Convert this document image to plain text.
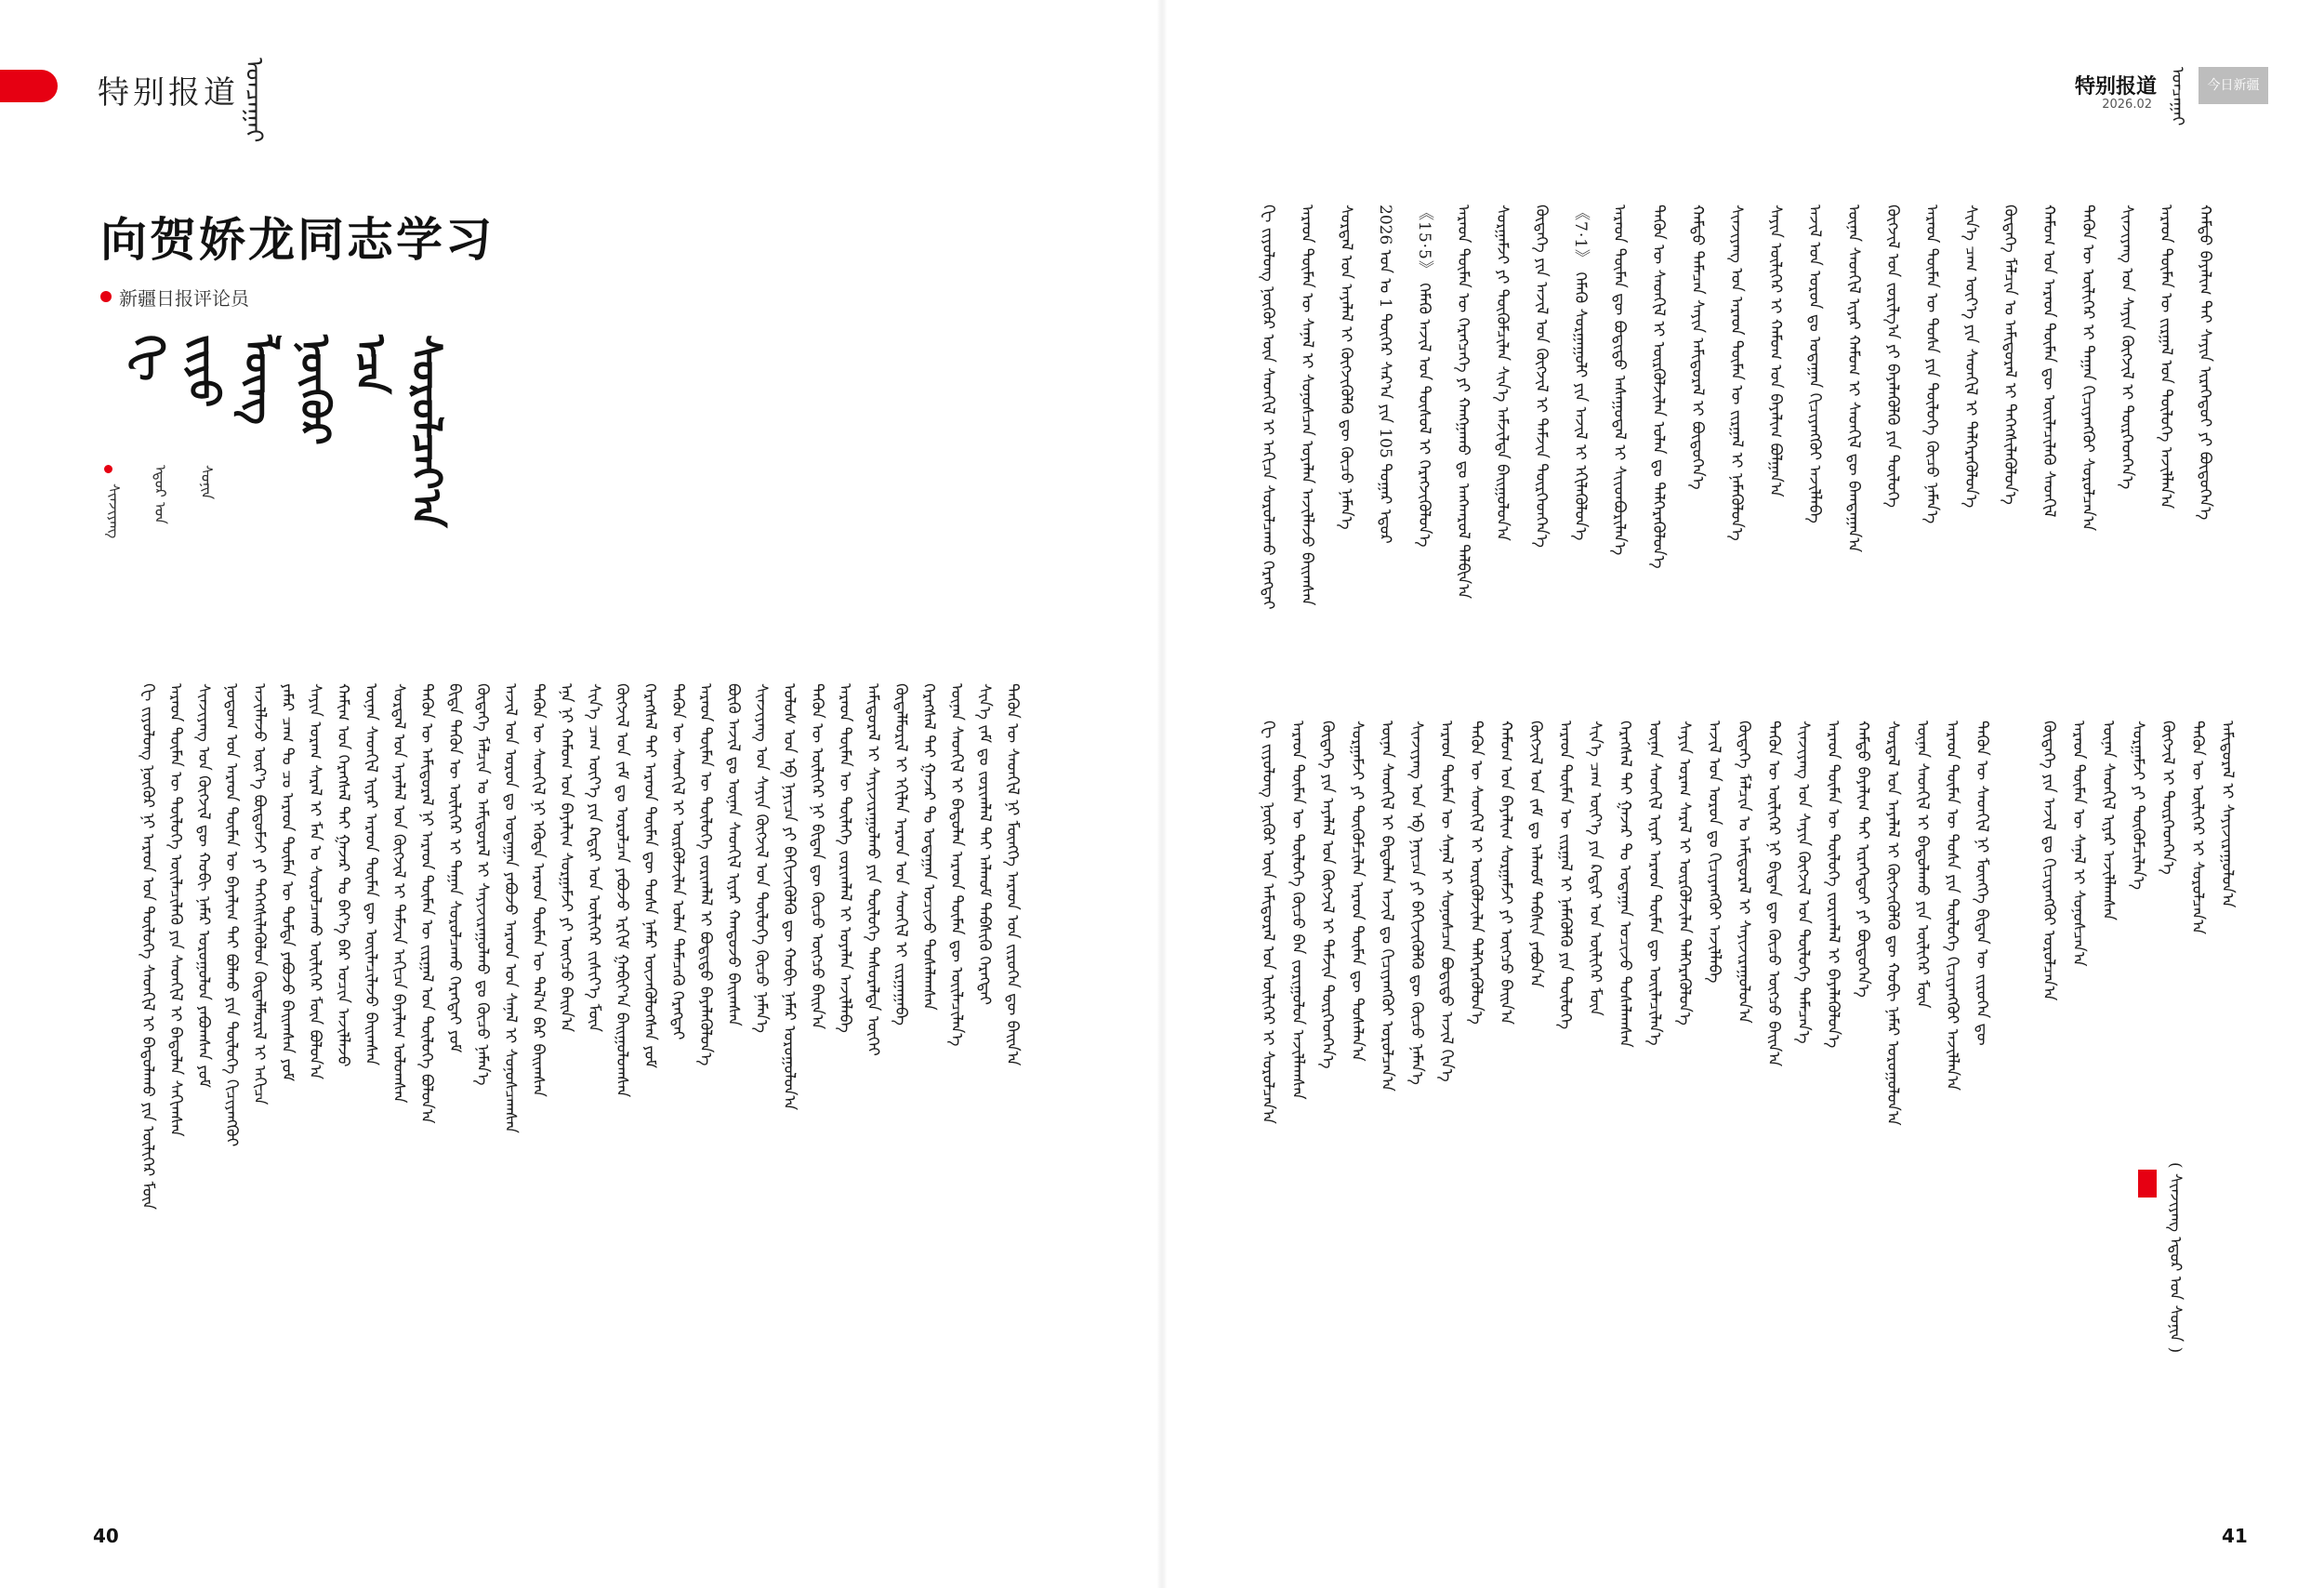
特别报道 ᠣᠨᠴᠠᠭᠠᠢ
向贺娇龙同志学习
新疆日报评论员
ᠬᠧ ᠵᠢᠶᠣ ᠯᠦᠩ ᠨᠦᠬᠦᠷ ᠡᠴᠡ ᠰᠤᠷᠤᠯᠴᠠᠶ᠎ᠠ
ᠰᠢᠨᠵᠢᠶᠠᠩ	ᠡᠳᠦᠷ ᠤᠨ	ᠰᠣᠨᠢᠨ
ᠬᠧ ᠵᠢᠶᠣᠯᠦᠩ ᠨᠦᠬᠦᠷ ᠨᠢ ᠠᠷᠠᠳ ᠤᠨ ᠲᠥᠯᠦᠭᠡ ᠰᠡᠳᠬᠢᠯ ᠢ ᠪᠠᠲᠤᠯᠠᠬᠤ ᠶᠢᠨ ᠦᠯᠢᠭᠡᠷ ᠮᠥᠨ ᠠᠷᠠᠳ ᠲᠦᠮᠡᠨ ᠦ ᠲᠥᠯᠦᠭᠡ ᠦᠢᠯᠡᠴᠢᠯᠡᠬᠦ ᠶᠢᠨ ᠰᠡᠳᠬᠢᠯ ᠢ ᠪᠠᠲᠤᠯᠠᠨ ᠰᠠᠬᠢᠭᠰᠠᠨ ᠰᠢᠨᠵᠢᠶᠠᠩ ᠤᠨ ᠬᠥᠭᠵᠢᠯ ᠳᠦ ᠬᠤᠪᠢ ᠨᠡᠮᠡᠷ ᠣᠷᠣᠭᠤᠯᠤᠨ ᠶᠠᠪᠤᠭᠰᠠᠨ ᠶᠤᠮ ᠨᠤᠲᠤᠭ ᠤᠨ ᠠᠷᠠᠳ ᠲᠦᠮᠡᠨ ᠦ ᠪᠠᠶᠠᠯᠢᠭ ᠲᠡᠶ ᠪᠣᠯᠬᠤ ᠶᠢᠨ ᠲᠥᠯᠦᠭᠡ ᠬᠢᠴᠢᠶᠡᠩᠭᠦᠢ ᠠᠵᠢᠯᠯᠠᠵᠤ ᠦᠷ᠎ᠡ ᠪᠦᠲᠦᠮᠵᠢ ᠶᠢ ᠳᠡᠭᠡᠭᠰᠢᠯᠡᠭᠦᠯᠦᠨ ᠬᠥᠳᠡᠯᠮᠦᠷᠢᠯ ᠢ ᠠᠬᠢᠴᠠ ᠶᠠᠮᠠᠷ ᠴᠠᠭ ᠲᠤ ᠴᠤ ᠠᠷᠠᠳ ᠲᠦᠮᠡᠨ ᠦ ᠳᠤᠮᠳᠠ ᠶᠠᠪᠤᠵᠤ ᠪᠠᠢᠭᠰᠠᠨ ᠶᠤᠮ ᠰᠠᠶᠢᠨ ᠤᠷᠠᠭ ᠰᠠᠷᠠᠯ ᠢ ᠮᠠᠨ ᠤ ᠰᠤᠷᠤᠯᠴᠠᠬᠤ ᠦᠯᠢᠭᠡᠷ ᠮᠥᠨ ᠪᠣᠯᠤᠨ᠎ᠠ ᠬᠠᠮᠢᠭ ᠤᠨ ᠬᠡᠷᠡᠭᠰᠡᠯ ᠲᠡᠢ ᠭᠠᠵᠠᠷ ᠲᠤ ᠪᠡᠶ᠎ᠡ ᠪᠡᠷ ᠣᠴᠢᠨ ᠠᠵᠢᠯᠯᠠᠵᠤ ᠦᠨᠡᠨ ᠰᠡᠳᠬᠢᠯ ᠢᠶᠡᠷ ᠠᠷᠠᠳ ᠲᠦᠮᠡᠨ ᠳᠦ ᠦᠢᠯᠡᠴᠢᠯᠡᠵᠦ ᠪᠠᠢᠭᠰᠠᠨ ᠰᠤᠷᠲᠠᠯ ᠤᠨ ᠠᠶᠠᠯᠠᠯ ᠤᠨ ᠬᠥᠭᠵᠢᠯ ᠢ ᠳᠡᠮᠵᠢᠨ ᠠᠬᠢᠴᠠ ᠪᠠᠶᠠᠯᠢᠭ ᠣᠯᠤᠭᠰᠠᠨ ᠲᠡᠭᠦᠨ ᠦ ᠠᠮᠢᠳᠤᠷᠠᠯ ᠨᠢ ᠠᠷᠠᠳ ᠲᠦᠮᠡᠨ ᠦ ᠵᠢᠷᠭᠠᠯ ᠤᠨ ᠲᠥᠯᠦᠭᠡ ᠪᠣᠯᠤᠨ᠎ᠠ ᠪᠢᠳᠡ ᠲᠡᠭᠦᠨ ᠦ ᠦᠯᠢᠭᠡᠷ ᠢ ᠳᠠᠭᠠᠨ ᠰᠤᠷᠤᠯᠴᠠᠬᠤ ᠬᠡᠷᠡᠭᠲᠡᠢ ᠶᠤᠮ ᠬᠥᠳᠡᠭᠡ ᠮᠠᠯᠴᠢᠨ ᠤ ᠠᠮᠢᠳᠤᠷᠠᠯ ᠢ ᠰᠠᠶᠢᠵᠢᠷᠠᠭᠤᠯᠬᠤ ᠳᠤ ᠬᠦᠴᠦ ᠨᠡᠮᠡᠨ᠎ᠡ ᠠᠵᠢᠯ ᠤᠨ ᠣᠷᠤᠨ ᠳᠤ ᠤᠳᠠᠭᠠᠨ ᠶᠠᠪᠤᠵᠤ ᠠᠷᠠᠳ ᠤᠨ ᠰᠠᠨᠠᠯ ᠢ ᠰᠣᠨᠤᠰᠴᠠᠭᠰᠠᠨ ᠲᠡᠭᠦᠨ ᠦ ᠰᠡᠳᠬᠢᠯ ᠨᠢ ᠡᠭᠦᠳᠡ ᠠᠷᠠᠳ ᠲᠦᠮᠡᠨ ᠦ ᠲᠠᠯ᠎ᠠ ᠪᠠᠷ ᠪᠠᠢᠭᠰᠠᠨ ᠡᠨᠡ ᠨᠢ ᠬᠠᠮᠤᠭ ᠤᠨ ᠪᠠᠶᠠᠯᠢᠭ ᠰᠤᠷᠭᠠᠮᠵᠢ ᠶᠢ ᠥᠭᠴᠦ ᠪᠠᠢᠨ᠎ᠠ ᠰᠢᠨ᠎ᠡ ᠴᠠᠭ ᠦᠶ᠎ᠡ ᠶᠢᠨ ᠺᠠᠳ᠋ᠢᠷ ᠤᠨ ᠦᠯᠢᠭᠡᠷ ᠵᠢᠱᠢᠶ᠎ᠡ ᠮᠥᠨ ᠬᠥᠭᠵᠢᠯ ᠤᠨ ᠵᠠᠮ ᠳᠤ ᠣᠷᠣᠯᠴᠠᠨ ᠶᠠᠪᠤᠵᠤ ᠡᠷᠬᠢᠮ ᠭᠠᠪᠢᠶ᠎ᠠ ᠪᠠᠢᠭᠤᠯᠤᠭᠰᠠᠨ ᠬᠡᠷᠡᠭᠰᠡᠯ ᠲᠡᠢ ᠠᠷᠠᠳ ᠲᠦᠮᠡᠨ ᠳᠦ ᠲᠤᠰᠠ ᠨᠡᠮᠡᠷ ᠦᠵᠡᠭᠦᠯᠦᠭᠰᠡᠨ ᠶᠤᠮ ᠲᠡᠭᠦᠨ ᠦ ᠰᠡᠳᠬᠢᠯ ᠢ ᠦᠷᠭᠦᠯᠵᠢᠯᠡᠨ ᠣᠯᠠᠨ ᠲᠡᠮᠡᠴᠡᠬᠦ ᠬᠡᠷᠡᠭᠲᠡᠢ ᠠᠷᠠᠳ ᠲᠦᠮᠡᠨ ᠦ ᠲᠥᠯᠦᠭᠡ ᠵᠣᠷᠢᠭᠯᠠᠯ ᠢ ᠪᠣᠳᠢᠲᠤ ᠪᠡᠶᠡᠯᠡᠭᠦᠯᠦᠨ᠎ᠡ ᠪᠦᠬᠦ ᠠᠵᠢᠯ ᠳᠤ ᠦᠨᠡᠨ ᠰᠡᠳᠬᠢᠯ ᠢᠶᠡᠷ ᠬᠠᠨᠳᠤᠵᠤ ᠪᠠᠢᠭᠰᠠᠨ ᠰᠢᠨᠵᠢᠶᠠᠩ ᠤᠨ ᠰᠠᠶᠢᠨ ᠬᠥᠭᠵᠢᠯ ᠤᠨ ᠲᠥᠯᠦᠭᠡ ᠬᠦᠴᠦ ᠨᠡᠮᠡᠨ᠎ᠡ ᠤᠯᠤᠰ ᠤᠨ ᠡᠪ ᠨᠡᠶᠢᠴᠡ ᠶᠢ ᠪᠡᠬᠢᠵᠢᠭᠦᠯᠬᠦ ᠳᠦ ᠬᠤᠪᠢ ᠨᠡᠮᠡᠷ ᠣᠷᠣᠭᠤᠯᠤᠨ᠎ᠠ ᠲᠡᠭᠦᠨ ᠦ ᠦᠯᠢᠭᠡᠷ ᠨᠢ ᠪᠢᠳᠡᠨ ᠳᠦ ᠬᠦᠴᠦ ᠥᠭᠴᠦ ᠪᠠᠢᠨ᠎ᠠ ᠠᠷᠠᠳ ᠲᠦᠮᠡᠨ ᠦ ᠲᠦᠯᠡᠭᠡ ᠵᠣᠷᠢᠭᠯᠠᠯ ᠢ ᠤᠶᠠᠯᠠᠨ ᠠᠵᠢᠯᠯᠠᠪᠠ ᠠᠮᠢᠳᠤᠷᠠᠯ ᠢ ᠰᠠᠶᠢᠵᠢᠷᠠᠭᠤᠯᠬᠤ ᠶᠢᠨ ᠲᠥᠯᠦᠭᠡ ᠲᠠᠰᠤᠷᠠᠯᠲᠠ ᠦᠭᠡᠢ ᠬᠥᠳᠡᠯᠮᠦᠷᠢᠯ ᠢ ᠡᠬᠢᠯᠡᠨ ᠠᠷᠠᠳ ᠤᠨ ᠰᠡᠳᠬᠢᠯ ᠢ ᠵᠢᠷᠭᠠᠭᠠᠪᠠ ᠬᠡᠷᠡᠭᠰᠡᠯ ᠲᠡᠢ ᠭᠠᠵᠠᠷ ᠲᠤ ᠤᠳᠠᠭᠠᠨ ᠣᠴᠢᠵᠤ ᠲᠤᠰᠠᠯᠠᠭᠰᠠᠨ ᠦᠨᠡᠨ ᠰᠡᠳᠬᠢᠯ ᠢ ᠪᠠᠲᠤᠯᠠᠨ ᠠᠷᠠᠳ ᠲᠦᠮᠡᠨ ᠳᠦ ᠦᠢᠯᠡᠴᠢᠯᠡᠨ᠎ᠡ ᠰᠢᠨ᠎ᠡ ᠵᠠᠮ ᠳᠤ ᠵᠣᠷᠢᠭᠯᠠᠯ ᠲᠠᠢ ᠠᠯᠬᠤᠮ ᠳᠡᠪᠰᠢᠬᠦ ᠬᠡᠷᠡᠭᠲᠡᠢ ᠲᠡᠭᠦᠨ ᠦ ᠰᠡᠳᠬᠢᠯ ᠨᠢ ᠮᠥᠩᠬᠡ ᠠᠷᠠᠳ ᠤᠨ ᠵᠢᠷᠦᠬᠡᠨ ᠳᠦ ᠪᠠᠢᠨ᠎ᠠ
40
特别报道
2026.02 ᠣᠨᠴᠠᠭᠠᠢ	今日新疆
ᠬᠧ ᠵᠢᠶᠣᠯᠦᠩ ᠨᠦᠬᠦᠷ ᠦᠨ ᠰᠡᠳᠬᠢᠯ ᠢ ᠠᠬᠢᠴᠠ ᠰᠤᠷᠤᠯᠴᠠᠬᠤ ᠬᠡᠷᠡᠭᠲᠡᠢ ᠠᠷᠠᠳ ᠲᠦᠮᠡᠨ ᠦ ᠰᠠᠨᠠᠯ ᠢ ᠰᠣᠨᠤᠰᠴᠠᠨ ᠤᠶᠠᠯᠠᠨ ᠠᠵᠢᠯᠯᠠᠵᠤ ᠪᠠᠢᠭᠰᠠᠨ ᠰᠤᠷᠲᠠᠯ ᠤᠨ ᠠᠶᠠᠯᠠᠯ ᠢ ᠬᠥᠭᠵᠢᠭᠦᠯᠬᠦ ᠳᠦ ᠬᠦᠴᠦ ᠨᠡᠮᠡᠨ᠎ᠡ 2026 ᠣᠨ ᠤ 1 ᠳᠦᠭᠡᠷ ᠰᠠᠷ᠎ᠠ ᠶᠢᠨ 105 ᠳᠤᠭᠠᠷ ᠡᠳᠦᠷ 《15·5》 ᠬᠡᠮᠡᠬᠦ ᠠᠵᠢᠯ ᠤᠨ ᠲᠥᠰᠥᠯ ᠢ ᠬᠡᠷᠡᠭᠵᠢᠭᠦᠯᠦᠨ᠎ᠡ ᠠᠷᠠᠳ ᠲᠦᠮᠡᠨ ᠦ ᠬᠡᠷᠡᠭᠴᠡᠭᠡ ᠶᠢ ᠬᠠᠩᠭᠠᠬᠤ ᠳᠤ ᠠᠩᠬᠠᠷᠤᠯ ᠲᠠᠯᠪᠢᠨ᠎ᠠ ᠰᠤᠷᠭᠠᠮᠵᠢ ᠶᠢ ᠳᠦᠭᠦᠮᠴᠢᠯᠡᠨ ᠰᠢᠨ᠎ᠡ ᠠᠮᠵᠢᠯᠲᠠ ᠪᠠᠢᠭᠤᠯᠤᠨ᠎ᠠ ᠬᠥᠳᠡᠭᠡ ᠶᠢᠨ ᠠᠵᠢᠯ ᠤᠨ ᠬᠥᠭᠵᠢᠯ ᠢ ᠳᠡᠮᠵᠢᠨ ᠲᠦᠷᠭᠡᠳᠬᠡᠨ᠎ᠡ 《7·1》 ᠬᠡᠮᠡᠬᠦ ᠰᠤᠷᠭᠠᠭᠤᠯᠢ ᠶᠢᠨ ᠠᠵᠢᠯ ᠢ ᠡᠬᠢᠯᠡᠭᠦᠯᠦᠨ᠎ᠡ ᠠᠷᠠᠳ ᠲᠦᠮᠡᠨ ᠳᠦ ᠪᠣᠳᠢᠲᠤ ᠠᠰᠠᠭᠤᠳᠠᠯ ᠢ ᠰᠢᠢᠳᠪᠦᠷᠢᠯᠡᠨ᠎ᠡ ᠲᠡᠭᠦᠨ ᠦ ᠰᠡᠳᠬᠢᠯ ᠢ ᠦᠷᠭᠦᠯᠵᠢᠯᠡᠨ ᠣᠯᠠᠨ ᠳᠤ ᠳᠡᠯᠭᠡᠷᠡᠭᠦᠯᠦᠨ᠎ᠡ ᠬᠠᠮᠲᠤ ᠲᠡᠮᠡᠴᠡᠨ ᠰᠠᠶᠢᠨ ᠠᠮᠢᠳᠤᠷᠠᠯ ᠢ ᠪᠦᠲᠦᠭᠡᠨ᠎ᠡ ᠰᠢᠨᠵᠢᠶᠠᠩ ᠤᠨ ᠠᠷᠠᠳ ᠲᠦᠮᠡᠨ ᠦ ᠵᠢᠷᠭᠠᠯ ᠢ ᠨᠡᠮᠡᠭᠦᠯᠦᠨ᠎ᠡ ᠰᠠᠶᠢᠨ ᠦᠯᠢᠭᠡᠷ ᠢ ᠬᠠᠮᠤᠭ ᠤᠨ ᠪᠠᠶᠠᠯᠢᠭ ᠪᠣᠯᠭᠠᠨ᠎ᠠ ᠠᠵᠢᠯ ᠤᠨ ᠣᠷᠤᠨ ᠳᠤ ᠤᠳᠠᠭᠠᠨ ᠬᠢᠴᠢᠶᠡᠩᠭᠦᠢ ᠠᠵᠢᠯᠯᠠᠪᠠ ᠦᠨᠡᠨ ᠰᠡᠳᠬᠢᠯ ᠢᠶᠡᠷ ᠬᠠᠮᠤᠭ ᠢ ᠰᠡᠳᠬᠢᠯ ᠳᠦ ᠪᠠᠭᠲᠠᠭᠠᠨ᠎ᠠ ᠬᠥᠭᠵᠢᠯ ᠤᠨ ᠵᠣᠷᠢᠯᠭ᠎ᠠ ᠶᠢ ᠪᠡᠶᠡᠯᠡᠭᠦᠯᠬᠦ ᠶᠢᠨ ᠲᠥᠯᠦᠭᠡ ᠠᠷᠠᠳ ᠲᠦᠮᠡᠨ ᠦ ᠲᠤᠰᠠ ᠶᠢᠨ ᠲᠥᠯᠦᠭᠡ ᠬᠦᠴᠦ ᠨᠡᠮᠡᠨ᠎ᠡ ᠰᠢᠨ᠎ᠡ ᠴᠠᠭ ᠦᠶ᠎ᠡ ᠶᠢᠨ ᠰᠡᠳᠬᠢᠯ ᠢ ᠳᠡᠯᠭᠡᠷᠡᠭᠦᠯᠦᠨ᠎ᠡ ᠬᠥᠳᠡᠭᠡ ᠮᠠᠯᠴᠢᠨ ᠤ ᠠᠮᠢᠳᠤᠷᠠᠯ ᠢ ᠳᠡᠭᠡᠭᠰᠢᠯᠡᠭᠦᠯᠦᠨ᠎ᠡ ᠬᠠᠮᠤᠭ ᠤᠨ ᠠᠷᠠᠳ ᠲᠦᠮᠡᠨ ᠳᠦ ᠦᠢᠯᠡᠴᠢᠯᠡᠬᠦ ᠰᠡᠳᠬᠢᠯ ᠲᠡᠭᠦᠨ ᠦ ᠦᠯᠢᠭᠡᠷ ᠢ ᠳᠠᠭᠠᠨ ᠬᠢᠴᠢᠶᠡᠩᠭᠦᠢ ᠰᠤᠷᠤᠯᠴᠠᠨ᠎ᠠ ᠰᠢᠨᠵᠢᠶᠠᠩ ᠤᠨ ᠰᠠᠶᠢᠨ ᠬᠥᠭᠵᠢᠯ ᠢ ᠲᠦᠷᠭᠡᠳᠬᠡᠨ᠎ᠡ ᠠᠷᠠᠳ ᠲᠦᠮᠡᠨ ᠦ ᠵᠢᠷᠭᠠᠯ ᠤᠨ ᠲᠥᠯᠦᠭᠡ ᠠᠵᠢᠯᠯᠠᠨ᠎ᠠ ᠬᠠᠮᠲᠤ ᠪᠠᠶᠠᠯᠢᠭ ᠲᠡᠢ ᠰᠠᠶᠢᠨ ᠢᠷᠡᠭᠡᠳᠦᠢ ᠶᠢ ᠪᠦᠲᠦᠭᠡᠨ᠎ᠡ
ᠬᠧ ᠵᠢᠶᠣᠯᠦᠩ ᠨᠦᠬᠦᠷ ᠦᠨ ᠠᠮᠢᠳᠤᠷᠠᠯ ᠤᠨ ᠦᠯᠢᠭᠡᠷ ᠢ ᠰᠤᠷᠤᠯᠴᠠᠨ᠎ᠠ ᠠᠷᠠᠳ ᠲᠦᠮᠡᠨ ᠦ ᠲᠥᠯᠦᠭᠡ ᠬᠦᠴᠦ ᠪᠡᠨ ᠵᠣᠷᠢᠭᠤᠯᠤᠨ ᠠᠵᠢᠯᠯᠠᠭᠰᠠᠨ ᠬᠥᠳᠡᠭᠡ ᠶᠢᠨ ᠠᠶᠠᠯᠠᠯ ᠤᠨ ᠬᠥᠭᠵᠢᠯ ᠢ ᠳᠡᠮᠵᠢᠨ ᠲᠦᠷᠭᠡᠳᠬᠡᠨ᠎ᠡ ᠰᠤᠷᠭᠠᠮᠵᠢ ᠶᠢ ᠳᠦᠭᠦᠮᠴᠢᠯᠡᠨ ᠠᠷᠠᠳ ᠲᠦᠮᠡᠨ ᠳᠦ ᠲᠤᠰᠠᠯᠠᠨ᠎ᠠ ᠦᠨᠡᠨ ᠰᠡᠳᠬᠢᠯ ᠢ ᠪᠠᠲᠤᠯᠠᠨ ᠠᠵᠢᠯ ᠳᠤ ᠬᠢᠴᠢᠶᠡᠩᠭᠦᠢ ᠣᠷᠣᠯᠴᠠᠨ᠎ᠠ ᠰᠢᠨᠵᠢᠶᠠᠩ ᠤᠨ ᠡᠪ ᠨᠡᠶᠢᠴᠡ ᠶᠢ ᠪᠡᠬᠢᠵᠢᠭᠦᠯᠬᠦ ᠳᠦ ᠬᠦᠴᠦ ᠨᠡᠮᠡᠨ᠎ᠡ ᠠᠷᠠᠳ ᠲᠦᠮᠡᠨ ᠦ ᠰᠠᠨᠠᠯ ᠢ ᠰᠣᠨᠤᠰᠴᠠᠨ ᠪᠣᠳᠢᠲᠤ ᠠᠵᠢᠯ ᠬᠢᠨ᠎ᠡ ᠲᠡᠭᠦᠨ ᠦ ᠰᠡᠳᠬᠢᠯ ᠢ ᠦᠷᠭᠦᠯᠵᠢᠯᠡᠨ ᠳᠡᠯᠭᠡᠷᠡᠭᠦᠯᠦᠨ᠎ᠡ ᠬᠠᠮᠤᠭ ᠤᠨ ᠪᠠᠶᠠᠯᠢᠭ ᠰᠤᠷᠭᠠᠮᠵᠢ ᠶᠢ ᠥᠭᠴᠦ ᠪᠠᠢᠨ᠎ᠠ ᠬᠥᠭᠵᠢᠯ ᠤᠨ ᠵᠠᠮ ᠳᠤ ᠠᠯᠬᠤᠮ ᠳᠡᠪᠰᠢᠨ ᠶᠠᠪᠤᠨ᠎ᠠ ᠠᠷᠠᠳ ᠲᠦᠮᠡᠨ ᠦ ᠵᠢᠷᠭᠠᠯ ᠢ ᠨᠡᠮᠡᠭᠦᠯᠬᠦ ᠶᠢᠨ ᠲᠥᠯᠦᠭᠡ ᠰᠢᠨ᠎ᠡ ᠴᠠᠭ ᠦᠶ᠎ᠡ ᠶᠢᠨ ᠺᠠᠳ᠋ᠢᠷ ᠤᠨ ᠦᠯᠢᠭᠡᠷ ᠮᠥᠨ ᠬᠡᠷᠡᠭᠰᠡᠯ ᠲᠡᠢ ᠭᠠᠵᠠᠷ ᠲᠤ ᠤᠳᠠᠭᠠᠨ ᠣᠴᠢᠵᠤ ᠲᠤᠰᠠᠯᠠᠭᠰᠠᠨ ᠦᠨᠡᠨ ᠰᠡᠳᠬᠢᠯ ᠢᠶᠡᠷ ᠠᠷᠠᠳ ᠲᠦᠮᠡᠨ ᠳᠦ ᠦᠢᠯᠡᠴᠢᠯᠡᠨ᠎ᠡ ᠰᠠᠶᠢᠨ ᠤᠷᠠᠭ ᠰᠠᠷᠠᠯ ᠢ ᠦᠷᠭᠦᠯᠵᠢᠯᠡᠨ ᠳᠡᠯᠭᠡᠷᠡᠭᠦᠯᠦᠨ᠎ᠡ ᠠᠵᠢᠯ ᠤᠨ ᠣᠷᠤᠨ ᠳᠤ ᠬᠢᠴᠢᠶᠡᠩᠭᠦᠢ ᠠᠵᠢᠯᠯᠠᠪᠠ ᠬᠥᠳᠡᠭᠡ ᠮᠠᠯᠴᠢᠨ ᠤ ᠠᠮᠢᠳᠤᠷᠠᠯ ᠢ ᠰᠠᠶᠢᠵᠢᠷᠠᠭᠤᠯᠤᠨ᠎ᠠ ᠲᠡᠭᠦᠨ ᠦ ᠦᠯᠢᠭᠡᠷ ᠨᠢ ᠪᠢᠳᠡᠨ ᠳᠦ ᠬᠦᠴᠦ ᠥᠭᠴᠦ ᠪᠠᠢᠨ᠎ᠠ ᠰᠢᠨᠵᠢᠶᠠᠩ ᠤᠨ ᠰᠠᠶᠢᠨ ᠬᠥᠭᠵᠢᠯ ᠤᠨ ᠲᠥᠯᠦᠭᠡ ᠲᠡᠮᠡᠴᠡᠨ᠎ᠡ ᠠᠷᠠᠳ ᠲᠦᠮᠡᠨ ᠦ ᠲᠥᠯᠦᠭᠡ ᠵᠣᠷᠢᠭᠯᠠᠯ ᠢ ᠪᠡᠶᠡᠯᠡᠭᠦᠯᠦᠨ᠎ᠡ ᠬᠠᠮᠲᠤ ᠪᠠᠶᠠᠯᠢᠭ ᠲᠡᠢ ᠢᠷᠡᠭᠡᠳᠦᠢ ᠶᠢ ᠪᠦᠲᠦᠭᠡᠨ᠎ᠡ ᠰᠤᠷᠲᠠᠯ ᠤᠨ ᠠᠶᠠᠯᠠᠯ ᠢ ᠬᠥᠭᠵᠢᠭᠦᠯᠬᠦ ᠳᠦ ᠬᠤᠪᠢ ᠨᠡᠮᠡᠷ ᠣᠷᠣᠭᠤᠯᠤᠨ᠎ᠠ ᠦᠨᠡᠨ ᠰᠡᠳᠬᠢᠯ ᠢ ᠪᠠᠲᠤᠯᠠᠬᠤ ᠶᠢᠨ ᠦᠯᠢᠭᠡᠷ ᠮᠥᠨ ᠠᠷᠠᠳ ᠲᠦᠮᠡᠨ ᠦ ᠲᠤᠰᠠ ᠶᠢᠨ ᠲᠥᠯᠦᠭᠡ ᠬᠢᠴᠢᠶᠡᠩᠭᠦᠢ ᠠᠵᠢᠯᠯᠠᠨ᠎ᠠ ᠲᠡᠭᠦᠨ ᠦ ᠰᠡᠳᠬᠢᠯ ᠨᠢ ᠮᠥᠩᠬᠡ ᠪᠢᠳᠡᠨ ᠦ ᠵᠢᠷᠦᠬᠡᠨ ᠳᠦ	ᠬᠥᠳᠡᠭᠡ ᠶᠢᠨ ᠠᠵᠢᠯ ᠳᠤ ᠬᠢᠴᠢᠶᠡᠩᠭᠦᠢ ᠣᠷᠣᠯᠴᠠᠨ᠎ᠠ ᠠᠷᠠᠳ ᠲᠦᠮᠡᠨ ᠦ ᠰᠠᠨᠠᠯ ᠢ ᠰᠣᠨᠤᠰᠴᠠᠨ᠎ᠠ ᠦᠨᠡᠨ ᠰᠡᠳᠬᠢᠯ ᠢᠶᠡᠷ ᠠᠵᠢᠯᠯᠠᠭᠰᠠᠨ ᠰᠤᠷᠭᠠᠮᠵᠢ ᠶᠢ ᠳᠦᠭᠦᠮᠴᠢᠯᠡᠨ᠎ᠡ ᠬᠥᠭᠵᠢᠯ ᠢ ᠲᠦᠷᠭᠡᠳᠬᠡᠨ᠎ᠡ ᠲᠡᠭᠦᠨ ᠦ ᠦᠯᠢᠭᠡᠷ ᠢ ᠰᠤᠷᠤᠯᠴᠠᠨ᠎ᠠ ᠠᠮᠢᠳᠤᠷᠠᠯ ᠢ ᠰᠠᠶᠢᠵᠢᠷᠠᠭᠤᠯᠤᠨ᠎ᠠ
( ᠰᠢᠨᠵᠢᠶᠠᠩ ᠡᠳᠦᠷ ᠤᠨ ᠰᠣᠨᠢᠨ )
41
